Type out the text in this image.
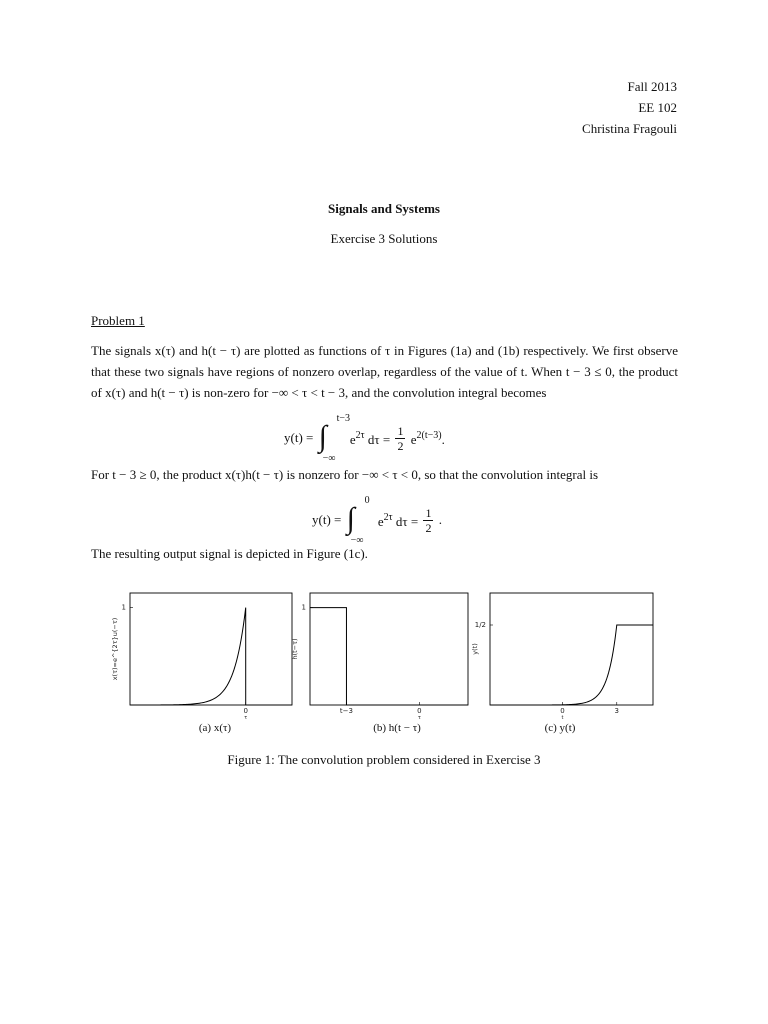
Fall 2013
EE 102
Christina Fragouli
Signals and Systems
Exercise 3 Solutions
Problem 1
The signals x(τ) and h(t − τ) are plotted as functions of τ in Figures (1a) and (1b) respectively. We first observe that these two signals have regions of nonzero overlap, regardless of the value of t. When t − 3 ≤ 0, the product of x(τ) and h(t − τ) is non-zero for −∞ < τ < t − 3, and the convolution integral becomes
y(t) = ∫
t−3
−∞
$e^{2\tau}$ $d\tau = \frac{1}{2} e^{2(t-3)}$.
For t − 3 ≥ 0, the product x(τ)h(t − τ) is nonzero for −∞ < τ < 0, so that the convolution integral is
y(t) = ∫
0
−∞
$e^{2\tau}$ $d\tau = \frac{1}{2}$ .
The resulting output signal is depicted in Figure (1c).
1
0
τ
x(τ)=e^{2τ}u(−τ)
1
t−3	0
τ
h(t−τ)
1/2
0	3
t
y(t)
(a) x(τ)	(b) h(t − τ)	(c) y(t)
Figure 1: The convolution problem considered in Exercise 3
